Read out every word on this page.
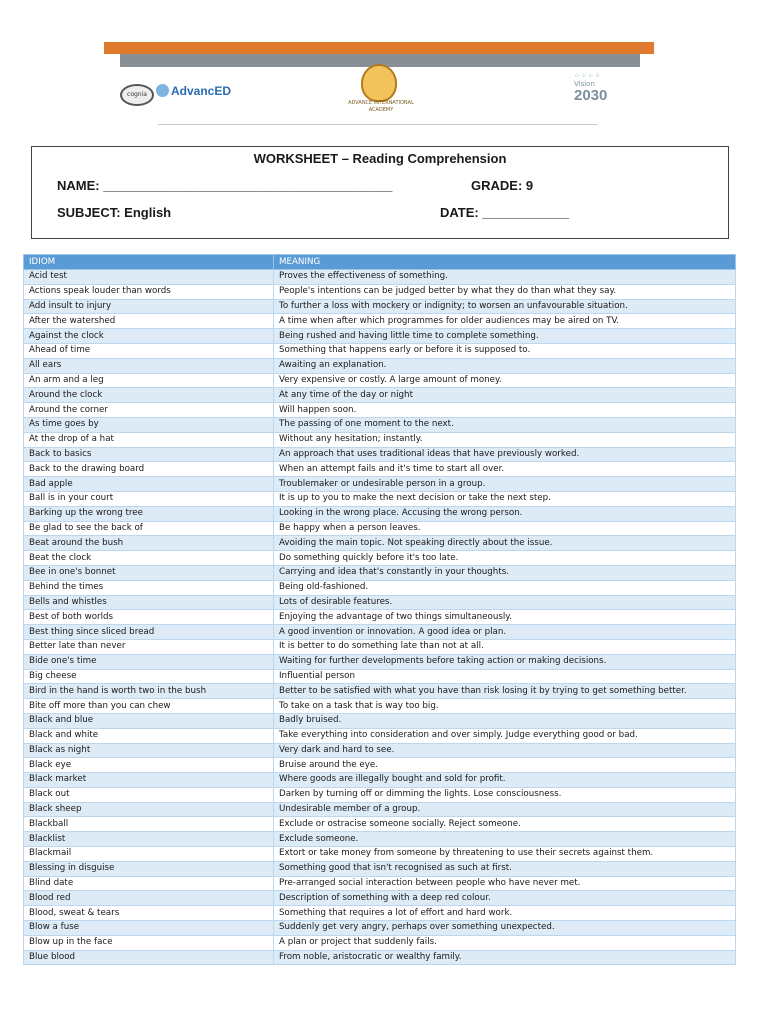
cognia	AdvancED
ADVANCE INTERNATIONAL ACADEMY
⁘⁘⁘⁘
Vision
2030
WORKSHEET – Reading Comprehension
NAME: ________________________________________	GRADE: 9
SUBJECT: English	DATE: ____________
IDIOM	MEANING
Acid test	Proves the effectiveness of something.
Actions speak louder than words	People's intentions can be judged better by what they do than what they say.
Add insult to injury	To further a loss with mockery or indignity; to worsen an unfavourable situation.
After the watershed	A time when after which programmes for older audiences may be aired on TV.
Against the clock	Being rushed and having little time to complete something.
Ahead of time	Something that happens early or before it is supposed to.
All ears	Awaiting an explanation.
An arm and a leg	Very expensive or costly. A large amount of money.
Around the clock	At any time of the day or night
Around the corner	Will happen soon.
As time goes by	The passing of one moment to the next.
At the drop of a hat	Without any hesitation; instantly.
Back to basics	An approach that uses traditional ideas that have previously worked.
Back to the drawing board	When an attempt fails and it's time to start all over.
Bad apple	Troublemaker or undesirable person in a group.
Ball is in your court	It is up to you to make the next decision or take the next step.
Barking up the wrong tree	Looking in the wrong place. Accusing the wrong person.
Be glad to see the back of	Be happy when a person leaves.
Beat around the bush	Avoiding the main topic. Not speaking directly about the issue.
Beat the clock	Do something quickly before it's too late.
Bee in one's bonnet	Carrying and idea that's constantly in your thoughts.
Behind the times	Being old-fashioned.
Bells and whistles	Lots of desirable features.
Best of both worlds	Enjoying the advantage of two things simultaneously.
Best thing since sliced bread	A good invention or innovation. A good idea or plan.
Better late than never	It is better to do something late than not at all.
Bide one's time	Waiting for further developments before taking action or making decisions.
Big cheese	Influential person
Bird in the hand is worth two in the bush	Better to be satisfied with what you have than risk losing it by trying to get something better.
Bite off more than you can chew	To take on a task that is way too big.
Black and blue	Badly bruised.
Black and white	Take everything into consideration and over simply. Judge everything good or bad.
Black as night	Very dark and hard to see.
Black eye	Bruise around the eye.
Black market	Where goods are illegally bought and sold for profit.
Black out	Darken by turning off or dimming the lights. Lose consciousness.
Black sheep	Undesirable member of a group.
Blackball	Exclude or ostracise someone socially. Reject someone.
Blacklist	Exclude someone.
Blackmail	Extort or take money from someone by threatening to use their secrets against them.
Blessing in disguise	Something good that isn't recognised as such at first.
Blind date	Pre-arranged social interaction between people who have never met.
Blood red	Description of something with a deep red colour.
Blood, sweat & tears	Something that requires a lot of effort and hard work.
Blow a fuse	Suddenly get very angry, perhaps over something unexpected.
Blow up in the face	A plan or project that suddenly fails.
Blue blood	From noble, aristocratic or wealthy family.
